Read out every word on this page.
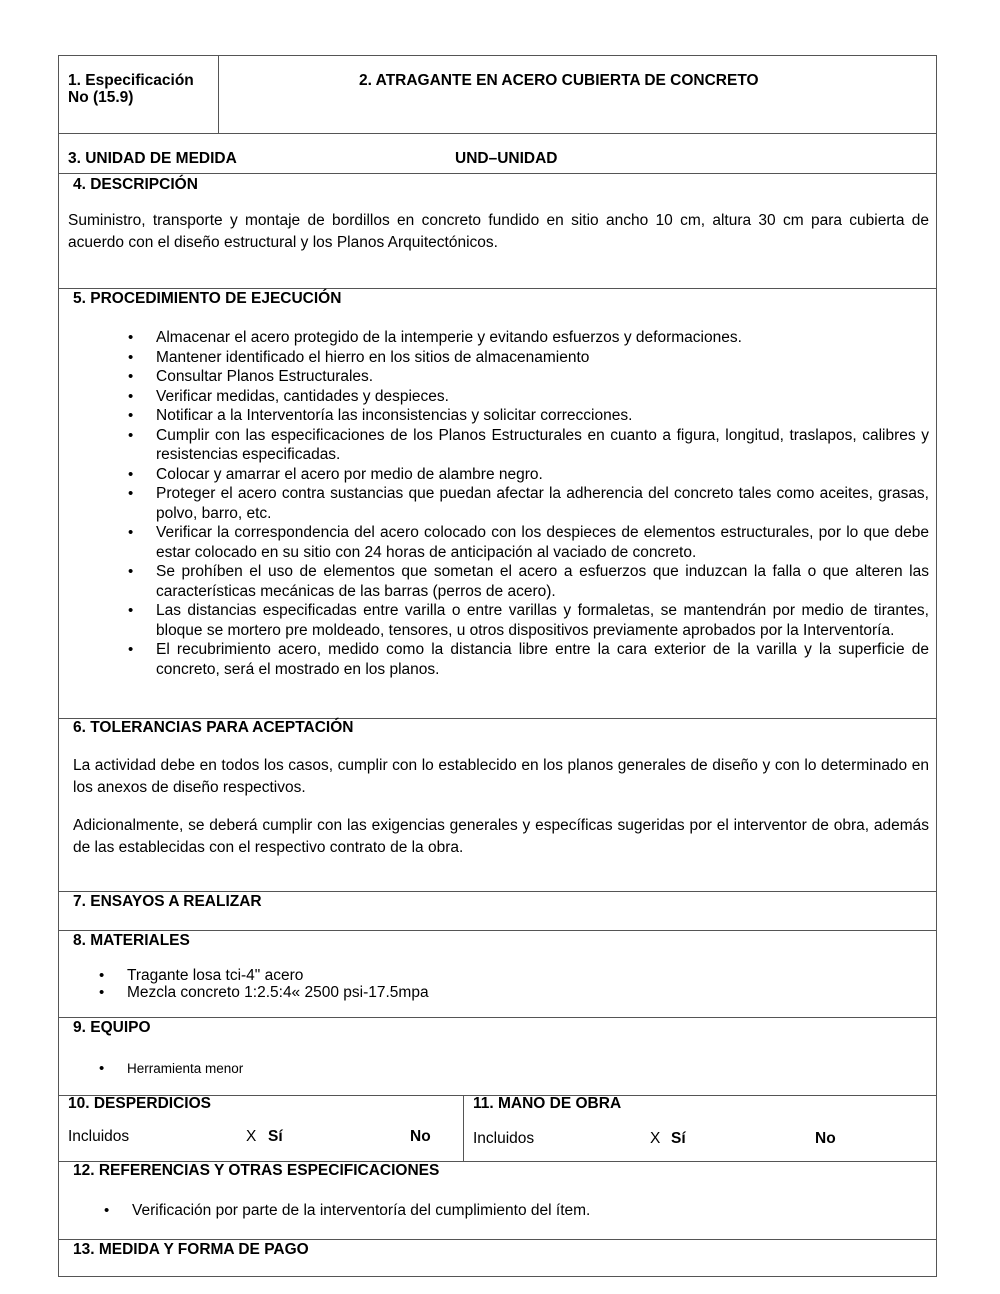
1. Especificación
No (15.9)
2. ATRAGANTE EN ACERO CUBIERTA DE CONCRETO
3. UNIDAD DE MEDIDA	UND–UNIDAD
4. DESCRIPCIÓN
Suministro, transporte y montaje de bordillos en concreto fundido en sitio ancho 10 cm, altura 30 cm para cubierta de acuerdo con el diseño estructural y los Planos Arquitectónicos.
5. PROCEDIMIENTO DE EJECUCIÓN
• Almacenar el acero protegido de la intemperie y evitando esfuerzos y deformaciones.
• Mantener identificado el hierro en los sitios de almacenamiento
• Consultar Planos Estructurales.
• Verificar medidas, cantidades y despieces.
• Notificar a la Interventoría las inconsistencias y solicitar correcciones.
• Cumplir con las especificaciones de los Planos Estructurales en cuanto a figura, longitud, traslapos, calibres y resistencias especificadas.
• Colocar y amarrar el acero por medio de alambre negro.
• Proteger el acero contra sustancias que puedan afectar la adherencia del concreto tales como aceites, grasas, polvo, barro, etc.
• Verificar la correspondencia del acero colocado con los despieces de elementos estructurales, por lo que debe estar colocado en su sitio con 24 horas de anticipación al vaciado de concreto.
• Se prohíben el uso de elementos que sometan el acero a esfuerzos que induzcan la falla o que alteren las características mecánicas de las barras (perros de acero).
• Las distancias especificadas entre varilla o entre varillas y formaletas, se mantendrán por medio de tirantes, bloque se mortero pre moldeado, tensores, u otros dispositivos previamente aprobados por la Interventoría.
• El recubrimiento acero, medido como la distancia libre entre la cara exterior de la varilla y la superficie de concreto, será el mostrado en los planos.
6. TOLERANCIAS PARA ACEPTACIÓN
La actividad debe en todos los casos, cumplir con lo establecido en los planos generales de diseño y con lo determinado en los anexos de diseño respectivos.
Adicionalmente, se deberá cumplir con las exigencias generales y específicas sugeridas por el interventor de obra, además de las establecidas con el respectivo contrato de la obra.
7. ENSAYOS A REALIZAR
8. MATERIALES
• Tragante losa tci-4" acero
• Mezcla concreto 1:2.5:4« 2500 psi-17.5mpa
9. EQUIPO
• Herramienta menor
10. DESPERDICIOS
Incluidos	X Sí	No
11. MANO DE OBRA
Incluidos	X Sí	No
12. REFERENCIAS Y OTRAS ESPECIFICACIONES
• Verificación por parte de la interventoría del cumplimiento del ítem.
13. MEDIDA Y FORMA DE PAGO
